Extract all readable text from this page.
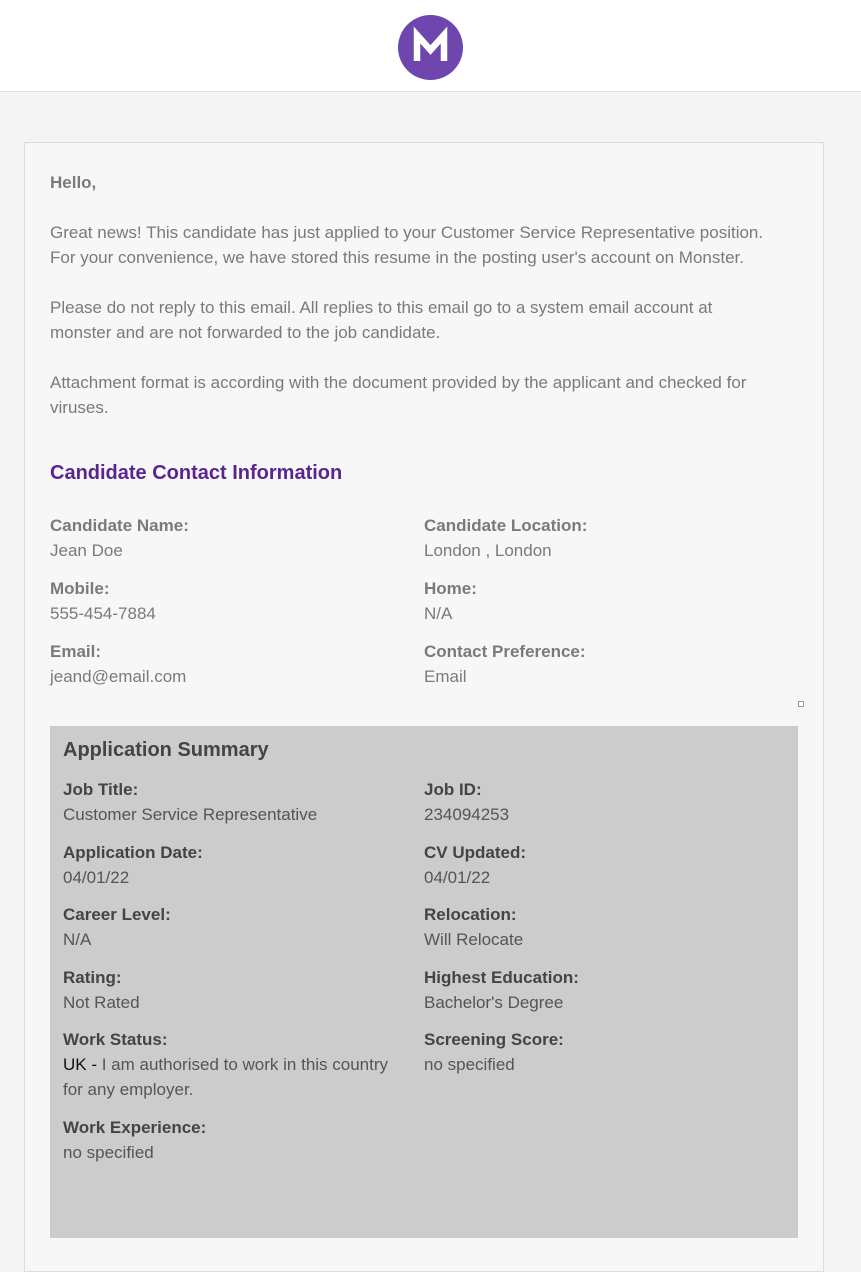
Hello,
Great news! This candidate has just applied to your Customer Service Representative position.
For your convenience, we have stored this resume in the posting user's account on Monster.
Please do not reply to this email. All replies to this email go to a system email account at
monster and are not forwarded to the job candidate.
Attachment format is according with the document provided by the applicant and checked for
viruses.
Candidate Contact Information
Candidate Name:
Jean Doe
Candidate Location:
London , London
Mobile:
555-454-7884
Home:
N/A
Email:
jeand@email.com
Contact Preference:
Email
Application Summary
Job Title:
Customer Service Representative
Job ID:
234094253
Application Date:
04/01/22
CV Updated:
04/01/22
Career Level:
N/A
Relocation:
Will Relocate
Rating:
Not Rated
Highest Education:
Bachelor's Degree
Work Status:
UK - I am authorised to work in this country
for any employer.
Screening Score:
no specified
Work Experience:
no specified
